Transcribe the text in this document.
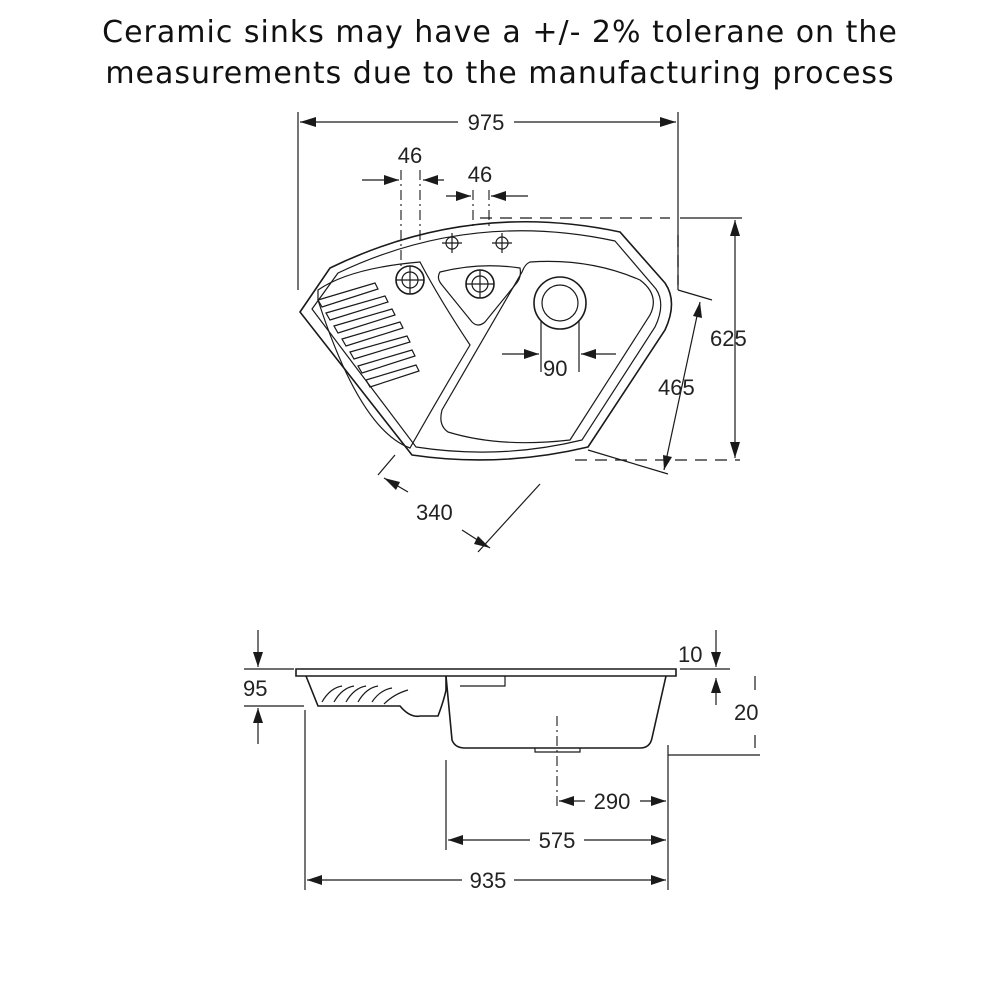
Ceramic sinks may have a +/- 2% tolerane on the
measurements due to the manufacturing process
975
46
46
625
465
90
340
95
10
20
290
575
935
